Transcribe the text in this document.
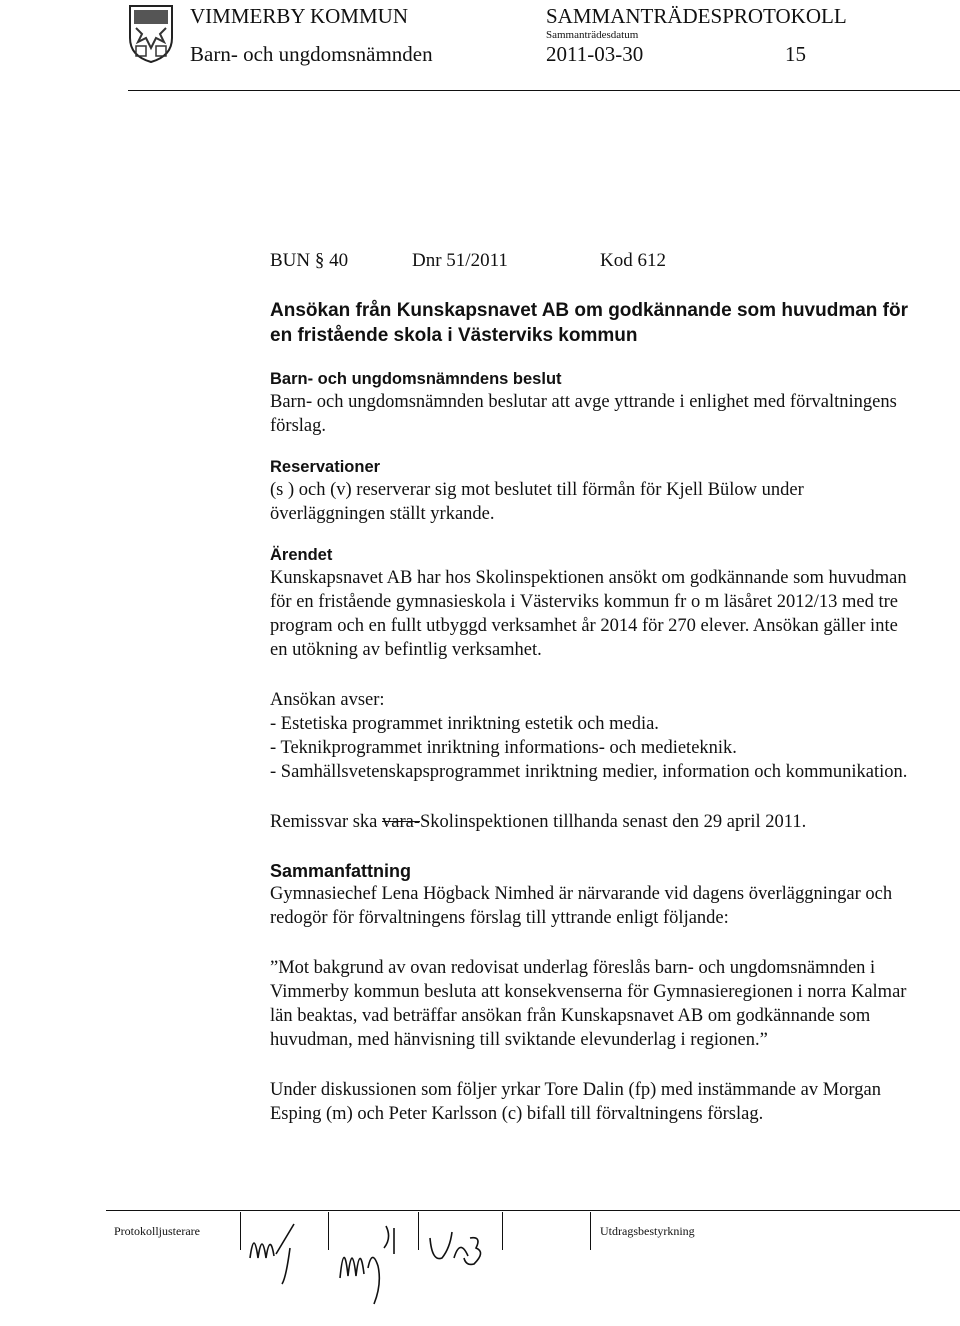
VIMMERBY KOMMUN
Barn- och ungdomsnämnden
SAMMANTRÄDESPROTOKOLL
Sammanträdesdatum
2011-03-30	15
BUN § 40	Dnr 51/2011	Kod 612
Ansökan från Kunskapsnavet AB om godkännande som huvudman för en fristående skola i Västerviks kommun
Barn- och ungdomsnämndens beslut

Barn- och ungdomsnämnden beslutar att avge yttrande i enlighet med förvaltningens förslag.

Reservationer

(s ) och (v) reserverar sig mot beslutet till förmån för Kjell Bülow under överläggningen ställt yrkande.

Ärendet

Kunskapsnavet AB har hos Skolinspektionen ansökt om godkännande som huvudman för en fristående gymnasieskola i Västerviks kommun fr o m läsåret 2012/13 med tre program och en fullt utbyggd verksamhet år 2014 för 270 elever. Ansökan gäller inte en utökning av befintlig verksamhet.

Ansökan avser:

- Estetiska programmet inriktning estetik och media.

- Teknikprogrammet inriktning informations- och medieteknik.

- Samhällsvetenskapsprogrammet inriktning medier, information och kommunikation.

Remissvar ska vara-Skolinspektionen tillhanda senast den 29 april 2011.

Sammanfattning

Gymnasiechef Lena Högback Nimhed är närvarande vid dagens överläggningar och redogör för förvaltningens förslag till yttrande enligt följande:

”Mot bakgrund av ovan redovisat underlag föreslås barn- och ungdomsnämnden i Vimmerby kommun besluta att konsekvenserna för Gymnasieregionen i norra Kalmar län beaktas, vad beträffar ansökan från Kunskapsnavet AB om godkännande som huvudman, med hänvisning till sviktande elevunderlag i regionen.”

Under diskussionen som följer yrkar Tore Dalin (fp) med instämmande av Morgan Esping (m) och Peter Karlsson (c) bifall till förvaltningens förslag.

Protokolljusterare	Utdragsbestyrkning
